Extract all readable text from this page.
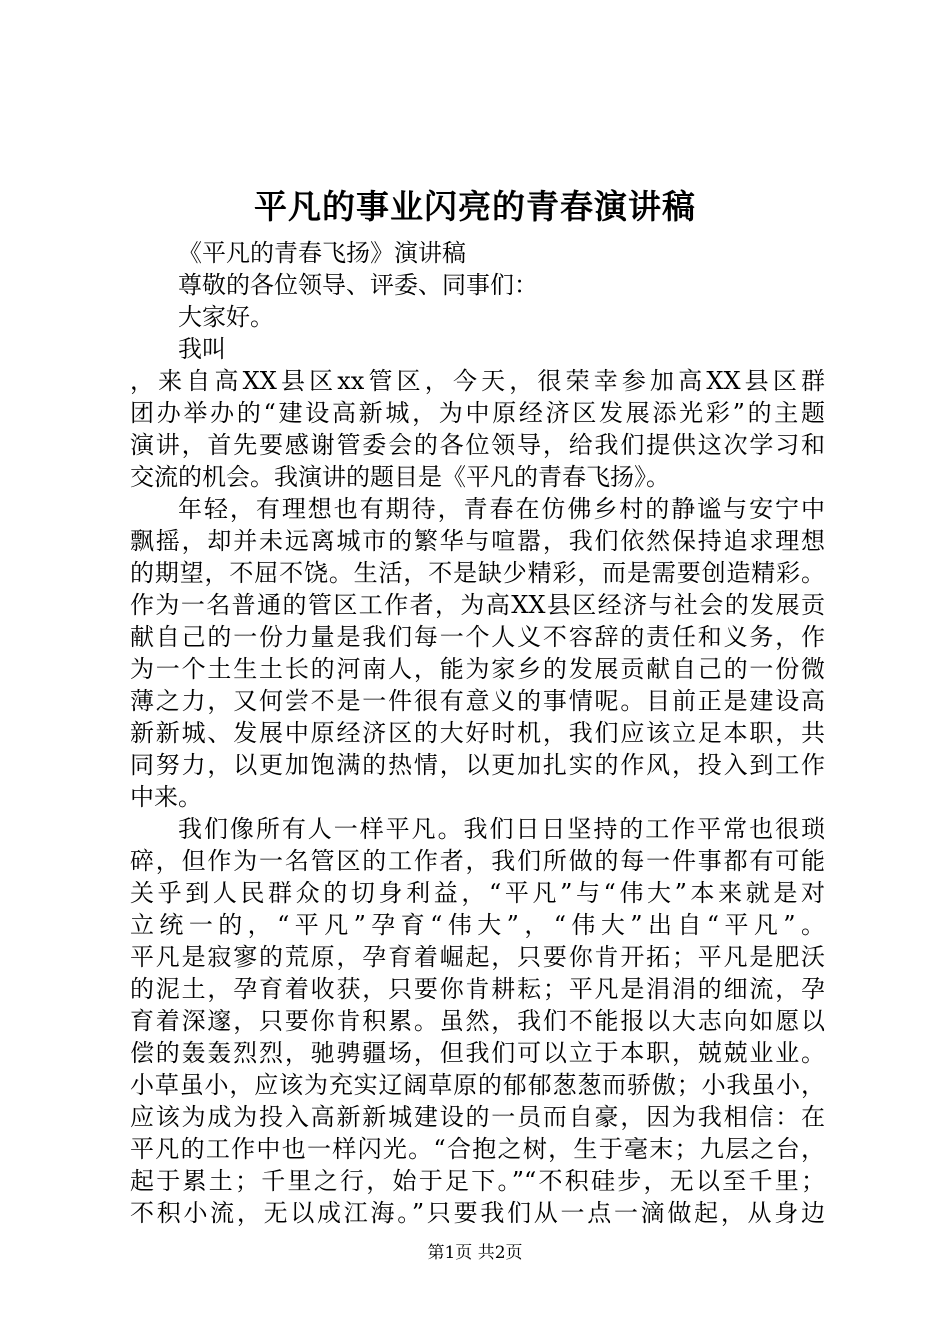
平凡的事业闪亮的青春演讲稿
《平凡的青春飞扬》演讲稿
尊敬的各位领导、评委、同事们：
大家好。
我叫
，来自高XX县区xx管区，今天，很荣幸参加高XX县区群
团办举办的“建设高新城，为中原经济区发展添光彩”的主题
演讲，首先要感谢管委会的各位领导，给我们提供这次学习和
交流的机会。我演讲的题目是《平凡的青春飞扬》。
年轻，有理想也有期待，青春在仿佛乡村的静谧与安宁中
飘摇，却并未远离城市的繁华与喧嚣，我们依然保持追求理想
的期望，不屈不饶。生活，不是缺少精彩，而是需要创造精彩。
作为一名普通的管区工作者，为高XX县区经济与社会的发展贡
献自己的一份力量是我们每一个人义不容辞的责任和义务，作
为一个土生土长的河南人，能为家乡的发展贡献自己的一份微
薄之力，又何尝不是一件很有意义的事情呢。目前正是建设高
新新城、发展中原经济区的大好时机，我们应该立足本职，共
同努力，以更加饱满的热情，以更加扎实的作风，投入到工作
中来。
我们像所有人一样平凡。我们日日坚持的工作平常也很琐
碎，但作为一名管区的工作者，我们所做的每一件事都有可能
关乎到人民群众的切身利益，“平凡”与“伟大”本来就是对
立统一的，“平凡”孕育“伟大”，“伟大”出自“平凡”。
平凡是寂寥的荒原，孕育着崛起，只要你肯开拓；平凡是肥沃
的泥土，孕育着收获，只要你肯耕耘；平凡是涓涓的细流，孕
育着深邃，只要你肯积累。虽然，我们不能报以大志向如愿以
偿的轰轰烈烈，驰骋疆场，但我们可以立于本职，兢兢业业。
小草虽小，应该为充实辽阔草原的郁郁葱葱而骄傲；小我虽小，
应该为成为投入高新新城建设的一员而自豪，因为我相信：在
平凡的工作中也一样闪光。“合抱之树，生于毫末；九层之台，
起于累土；千里之行，始于足下。”“不积硅步，无以至千里；
不积小流，无以成江海。”只要我们从一点一滴做起，从身边
第1页 共2页
